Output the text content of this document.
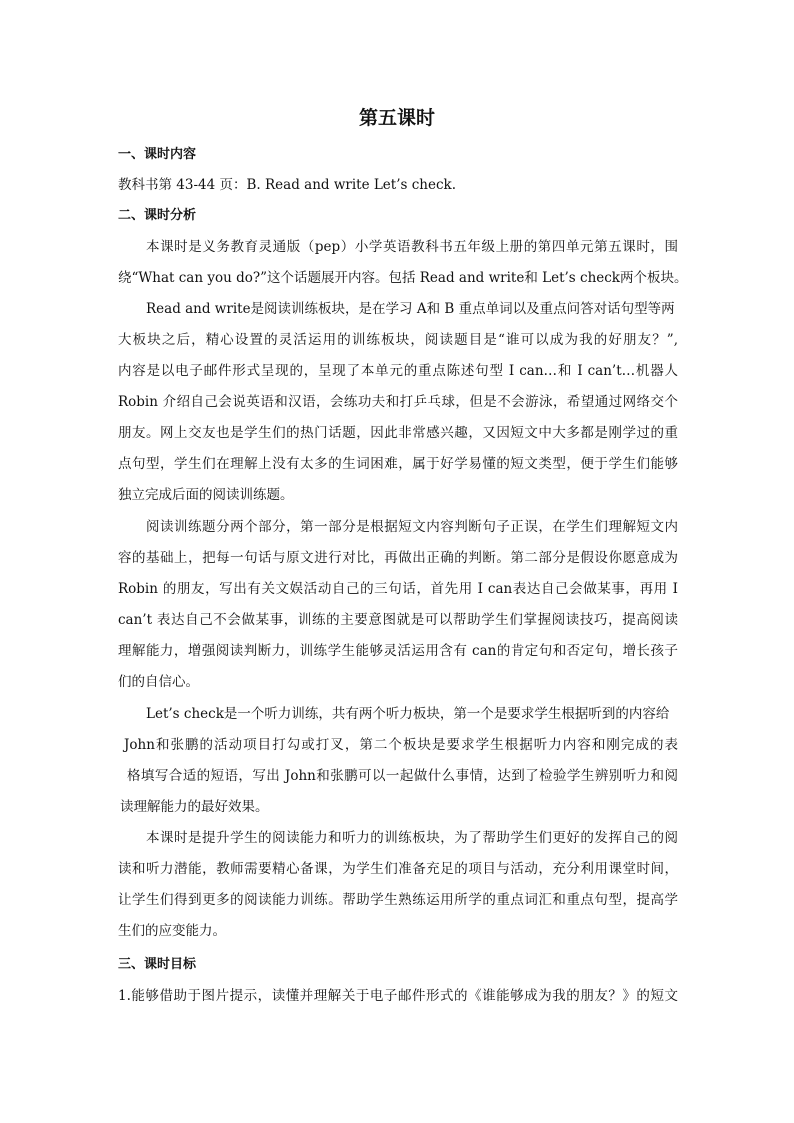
第五课时
一、课时内容

教科书第 43-44 页：B. Read and write Let’s check.

二、课时分析

本课时是义务教育灵通版（pep）小学英语教科书五年级上册的第四单元第五课时，围

绕“What can you do?”这个话题展开内容。包括 Read and write和 Let’s check两个板块。

Read and write是阅读训练板块，是在学习 A和 B 重点单词以及重点问答对话句型等两

大板块之后，精心设置的灵活运用的训练板块，阅读题目是“谁可以成为我的好朋友？”,

内容是以电子邮件形式呈现的，呈现了本单元的重点陈述句型 I can…和 I can’t…机器人

Robin 介绍自己会说英语和汉语，会练功夫和打乒乓球，但是不会游泳，希望通过网络交个

朋友。网上交友也是学生们的热门话题，因此非常感兴趣，又因短文中大多都是刚学过的重

点句型，学生们在理解上没有太多的生词困难，属于好学易懂的短文类型，便于学生们能够

独立完成后面的阅读训练题。

阅读训练题分两个部分，第一部分是根据短文内容判断句子正误，在学生们理解短文内

容的基础上，把每一句话与原文进行对比，再做出正确的判断。第二部分是假设你愿意成为

Robin 的朋友，写出有关文娱活动自己的三句话，首先用 I can表达自己会做某事，再用 I

can’t 表达自己不会做某事，训练的主要意图就是可以帮助学生们掌握阅读技巧，提高阅读

理解能力，增强阅读判断力，训练学生能够灵活运用含有 can的肯定句和否定句，增长孩子

们的自信心。

Let’s check是一个听力训练，共有两个听力板块，第一个是要求学生根据听到的内容给

John和张鹏的活动项目打勾或打叉，第二个板块是要求学生根据听力内容和刚完成的表

格填写合适的短语，写出 John和张鹏可以一起做什么事情，达到了检验学生辨别听力和阅

读理解能力的最好效果。

本课时是提升学生的阅读能力和听力的训练板块，为了帮助学生们更好的发挥自己的阅

读和听力潜能，教师需要精心备课，为学生们准备充足的项目与活动，充分利用课堂时间，

让学生们得到更多的阅读能力训练。帮助学生熟练运用所学的重点词汇和重点句型，提高学

生们的应变能力。

三、课时目标

1.能够借助于图片提示，读懂并理解关于电子邮件形式的《谁能够成为我的朋友？》的短文
